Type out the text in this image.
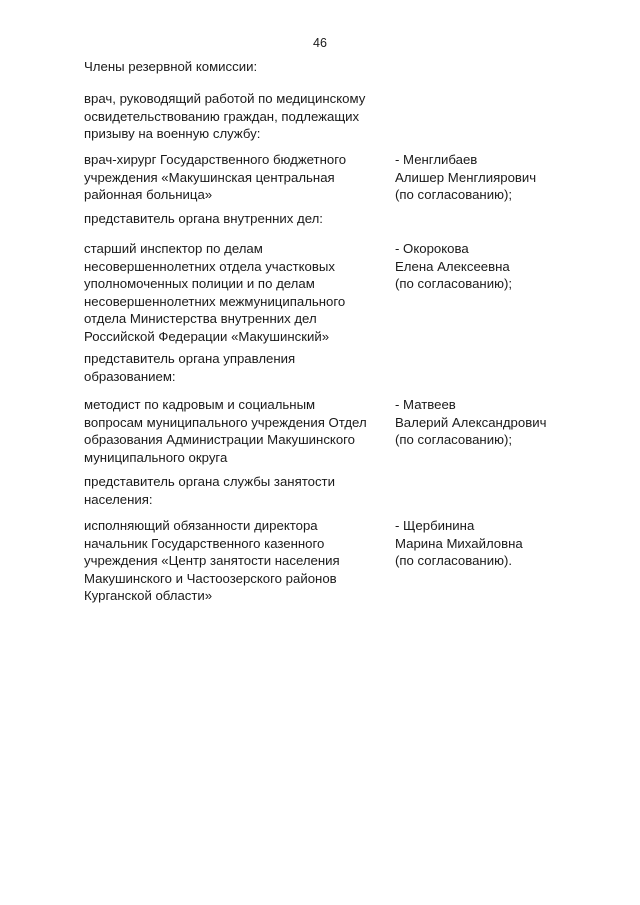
46
Члены резервной комиссии:
врач, руководящий работой по медицинскому
освидетельствованию граждан, подлежащих
призыву на военную службу:
врач-хирург Государственного бюджетного
учреждения «Макушинская центральная
районная больница»
- Менглибаев
Алишер Менглиярович
(по согласованию);
представитель органа внутренних дел:
старший инспектор по делам
несовершеннолетних отдела участковых
уполномоченных полиции и по делам
несовершеннолетних межмуниципального
отдела Министерства внутренних дел
Российской Федерации «Макушинский»
- Окорокова
Елена Алексеевна
(по согласованию);
представитель органа управления
образованием:
методист по кадровым и социальным
вопросам муниципального учреждения Отдел
образования Администрации Макушинского
муниципального округа
- Матвеев
Валерий Александрович
(по согласованию);
представитель органа службы занятости
населения:
исполняющий обязанности директора
начальник Государственного казенного
учреждения «Центр занятости населения
Макушинского и Частоозерского районов
Курганской области»
- Щербинина
Марина Михайловна
(по согласованию).
